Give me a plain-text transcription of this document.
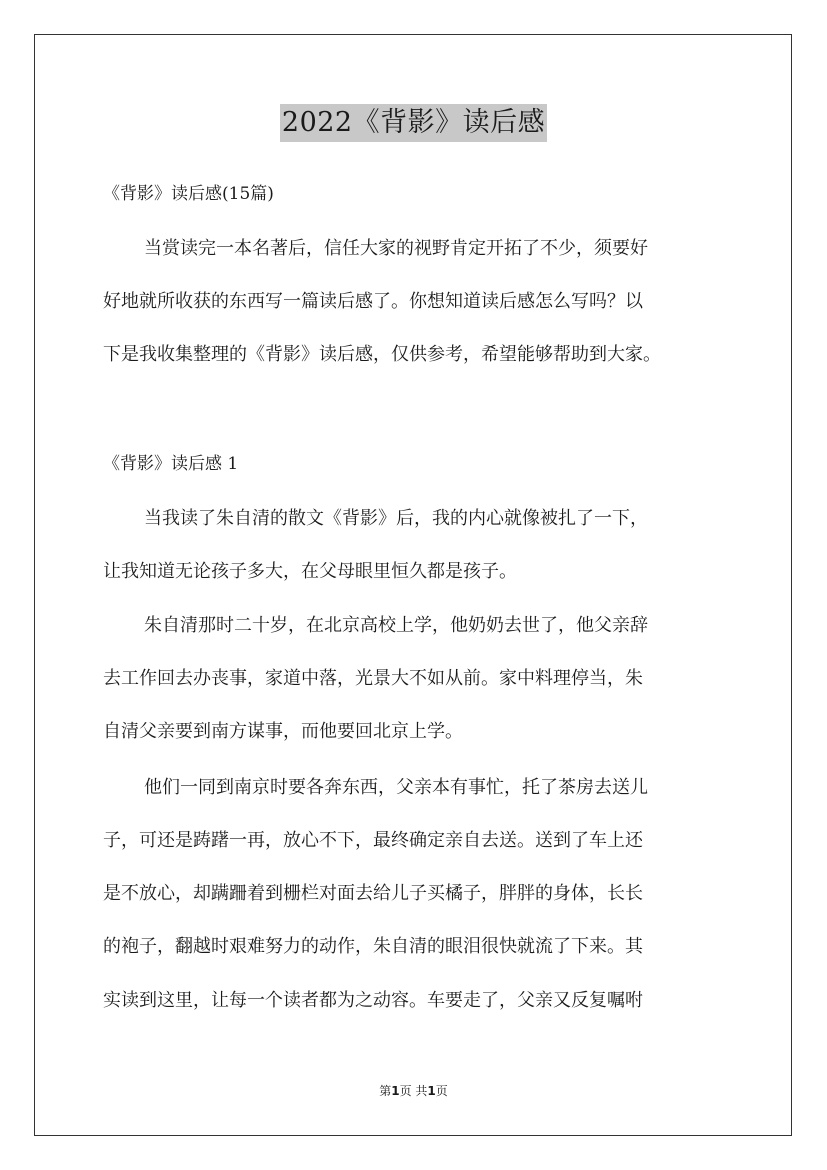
2022《背影》读后感
《背影》读后感(15篇)
当赏读完一本名著后，信任大家的视野肯定开拓了不少，须要好
好地就所收获的东西写一篇读后感了。你想知道读后感怎么写吗？以
下是我收集整理的《背影》读后感，仅供参考，希望能够帮助到大家。
《背影》读后感 1
当我读了朱自清的散文《背影》后，我的内心就像被扎了一下，
让我知道无论孩子多大，在父母眼里恒久都是孩子。
朱自清那时二十岁，在北京高校上学，他奶奶去世了，他父亲辞
去工作回去办丧事，家道中落，光景大不如从前。家中料理停当，朱
自清父亲要到南方谋事，而他要回北京上学。
他们一同到南京时要各奔东西，父亲本有事忙，托了茶房去送儿
子，可还是踌躇一再，放心不下，最终确定亲自去送。送到了车上还
是不放心，却蹒跚着到栅栏对面去给儿子买橘子，胖胖的身体，长长
的袍子，翻越时艰难努力的动作，朱自清的眼泪很快就流了下来。其
实读到这里，让每一个读者都为之动容。车要走了，父亲又反复嘱咐
第1页 共1页
